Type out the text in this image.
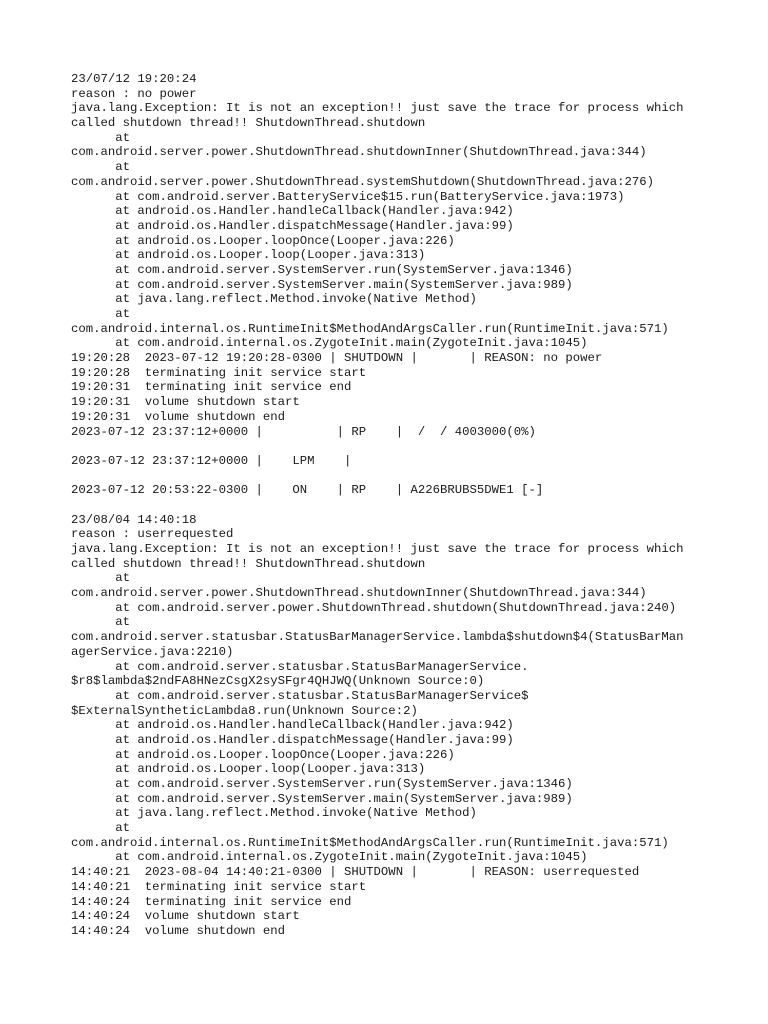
23/07/12 19:20:24
reason : no power
java.lang.Exception: It is not an exception!! just save the trace for process which
called shutdown thread!! ShutdownThread.shutdown
at
com.android.server.power.ShutdownThread.shutdownInner(ShutdownThread.java:344)
at
com.android.server.power.ShutdownThread.systemShutdown(ShutdownThread.java:276)
at com.android.server.BatteryService$15.run(BatteryService.java:1973)
at android.os.Handler.handleCallback(Handler.java:942)
at android.os.Handler.dispatchMessage(Handler.java:99)
at android.os.Looper.loopOnce(Looper.java:226)
at android.os.Looper.loop(Looper.java:313)
at com.android.server.SystemServer.run(SystemServer.java:1346)
at com.android.server.SystemServer.main(SystemServer.java:989)
at java.lang.reflect.Method.invoke(Native Method)
at
com.android.internal.os.RuntimeInit$MethodAndArgsCaller.run(RuntimeInit.java:571)
at com.android.internal.os.ZygoteInit.main(ZygoteInit.java:1045)
19:20:28  2023-07-12 19:20:28-0300 | SHUTDOWN |       | REASON: no power
19:20:28  terminating init service start
19:20:31  terminating init service end
19:20:31  volume shutdown start
19:20:31  volume shutdown end
2023-07-12 23:37:12+0000 |          | RP    |  /  / 4003000(0%)

2023-07-12 23:37:12+0000 |    LPM    |

2023-07-12 20:53:22-0300 |    ON    | RP    | A226BRUBS5DWE1 [-]

23/08/04 14:40:18
reason : userrequested
java.lang.Exception: It is not an exception!! just save the trace for process which
called shutdown thread!! ShutdownThread.shutdown
at
com.android.server.power.ShutdownThread.shutdownInner(ShutdownThread.java:344)
at com.android.server.power.ShutdownThread.shutdown(ShutdownThread.java:240)
at
com.android.server.statusbar.StatusBarManagerService.lambda$shutdown$4(StatusBarMan
agerService.java:2210)
at com.android.server.statusbar.StatusBarManagerService.
$r8$lambda$2ndFA8HNezCsgX2sySFgr4QHJWQ(Unknown Source:0)
at com.android.server.statusbar.StatusBarManagerService$
$ExternalSyntheticLambda8.run(Unknown Source:2)
at android.os.Handler.handleCallback(Handler.java:942)
at android.os.Handler.dispatchMessage(Handler.java:99)
at android.os.Looper.loopOnce(Looper.java:226)
at android.os.Looper.loop(Looper.java:313)
at com.android.server.SystemServer.run(SystemServer.java:1346)
at com.android.server.SystemServer.main(SystemServer.java:989)
at java.lang.reflect.Method.invoke(Native Method)
at
com.android.internal.os.RuntimeInit$MethodAndArgsCaller.run(RuntimeInit.java:571)
at com.android.internal.os.ZygoteInit.main(ZygoteInit.java:1045)
14:40:21  2023-08-04 14:40:21-0300 | SHUTDOWN |       | REASON: userrequested
14:40:21  terminating init service start
14:40:24  terminating init service end
14:40:24  volume shutdown start
14:40:24  volume shutdown end
